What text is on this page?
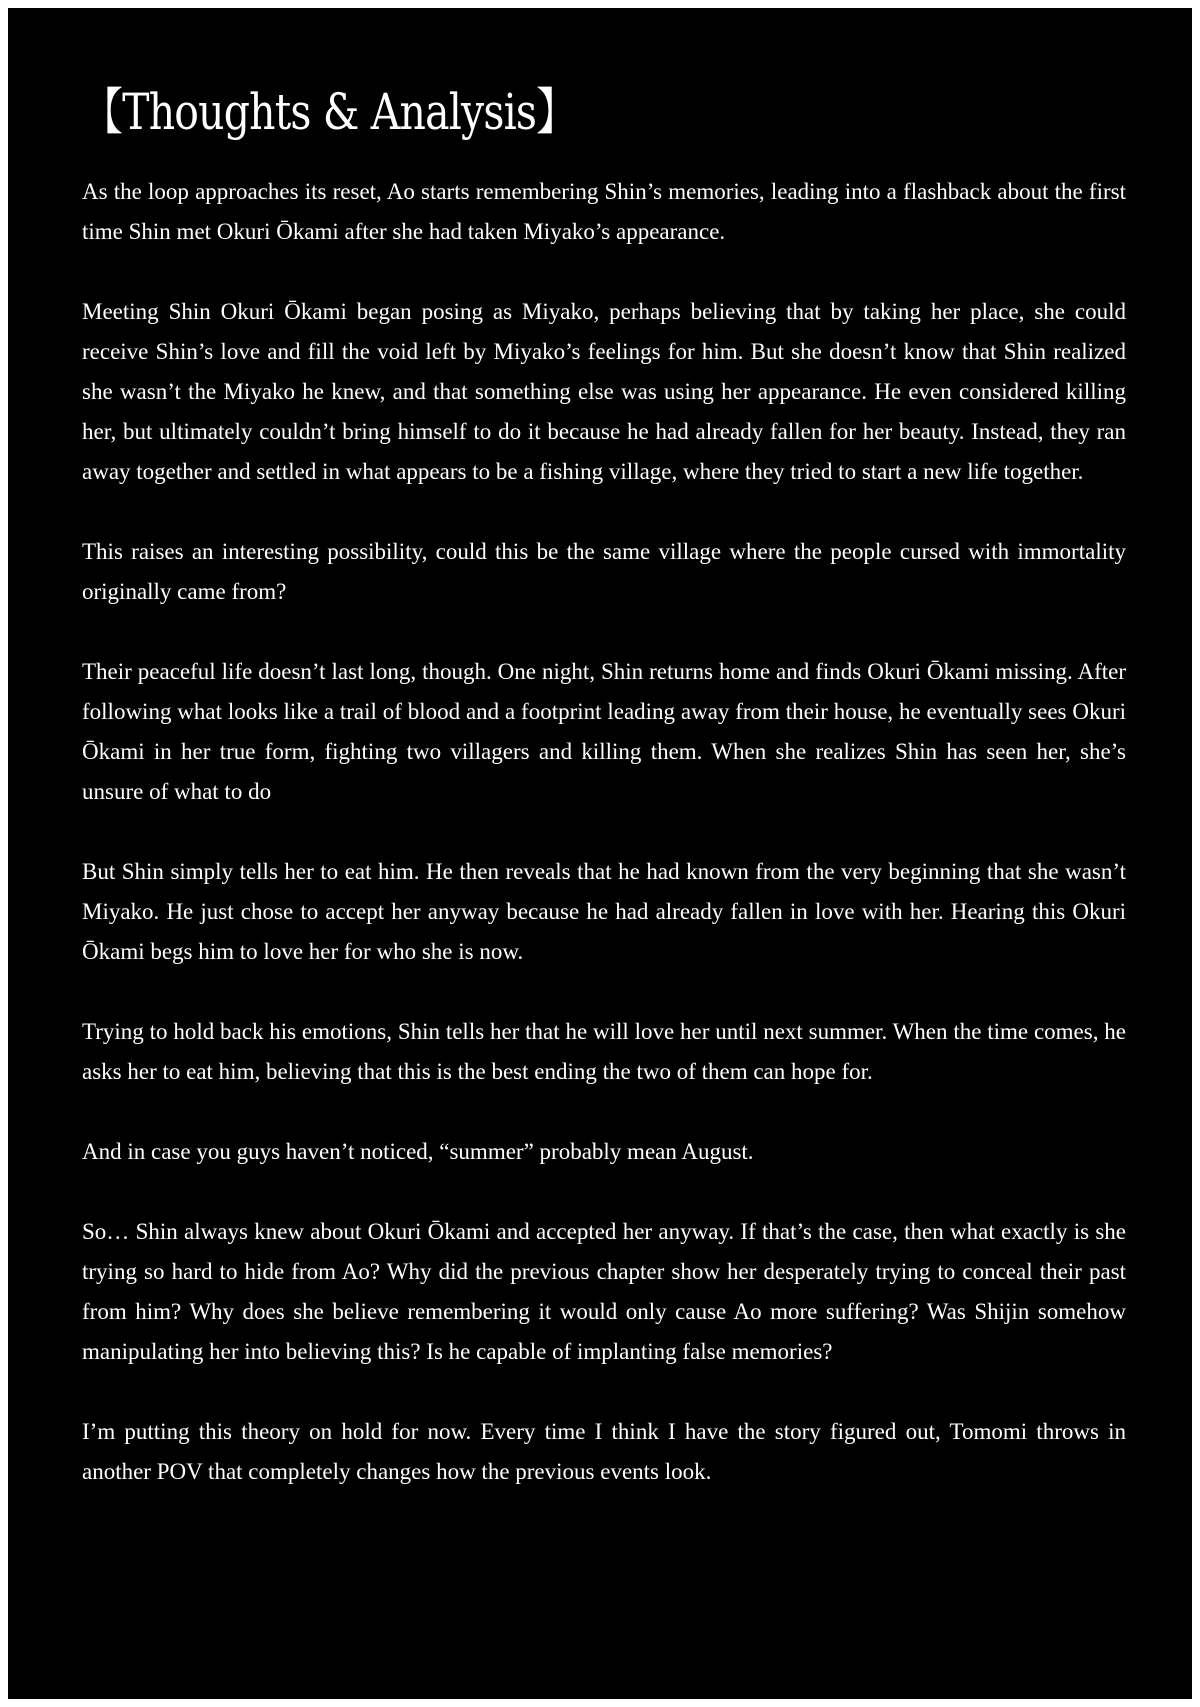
【Thoughts & Analysis】

As the loop approaches its reset, Ao starts remembering Shin’s memories, leading into a flashback about the first time Shin met Okuri Ōkami after she had taken Miyako’s appearance.

Meeting Shin Okuri Ōkami began posing as Miyako, perhaps believing that by taking her place, she could receive Shin’s love and fill the void left by Miyako’s feelings for him. But she doesn’t know that Shin realized she wasn’t the Miyako he knew, and that something else was using her appearance. He even considered killing her, but ultimately couldn’t bring himself to do it because he had already fallen for her beauty. Instead, they ran away together and settled in what appears to be a fishing village, where they tried to start a new life together.

This raises an interesting possibility, could this be the same village where the people cursed with immortality originally came from?

Their peaceful life doesn’t last long, though. One night, Shin returns home and finds Okuri Ōkami missing. After following what looks like a trail of blood and a footprint leading away from their house, he eventually sees Okuri Ōkami in her true form, fighting two villagers and killing them. When she realizes Shin has seen her, she’s unsure of what to do

But Shin simply tells her to eat him. He then reveals that he had known from the very beginning that she wasn’t Miyako. He just chose to accept her anyway because he had already fallen in love with her. Hearing this Okuri Ōkami begs him to love her for who she is now.

Trying to hold back his emotions, Shin tells her that he will love her until next summer. When the time comes, he asks her to eat him, believing that this is the best ending the two of them can hope for.

And in case you guys haven’t noticed, “summer” probably mean August.

So… Shin always knew about Okuri Ōkami and accepted her anyway. If that’s the case, then what exactly is she trying so hard to hide from Ao? Why did the previous chapter show her desperately trying to conceal their past from him? Why does she believe remembering it would only cause Ao more suffering? Was Shijin somehow manipulating her into believing this? Is he capable of implanting false memories?

I’m putting this theory on hold for now. Every time I think I have the story figured out, Tomomi throws in another POV that completely changes how the previous events look.
